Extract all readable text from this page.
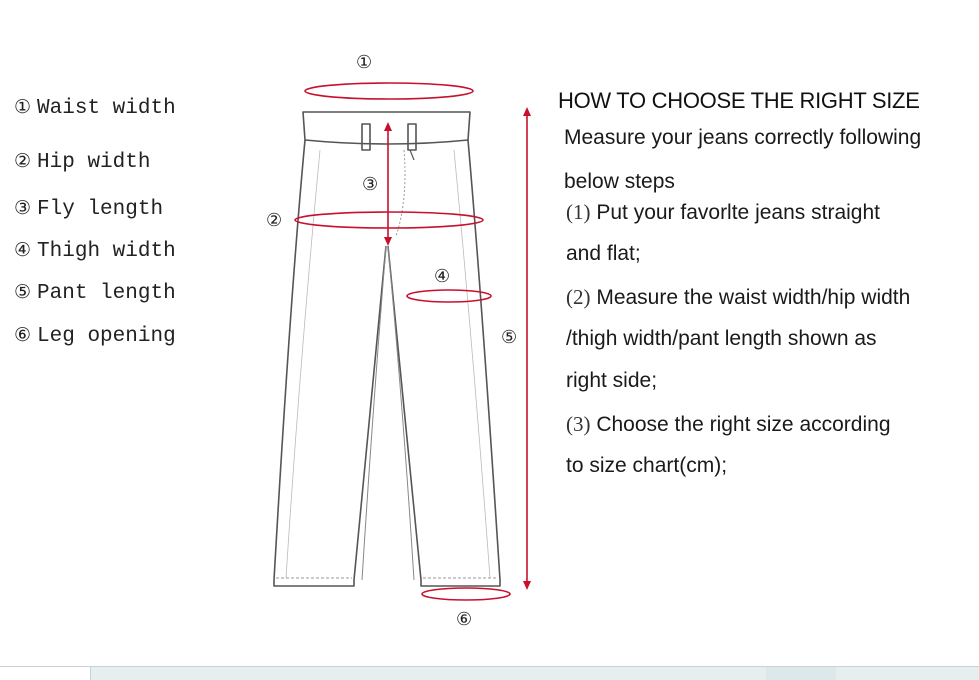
① Waist width
② Hip width
③ Fly length
④ Thigh width
⑤ Pant length
⑥ Leg opening
①
②
③
④
⑤
⑥
HOW TO CHOOSE THE RIGHT SIZE
Measure your jeans correctly following
below steps
(1) Put your favorlte jeans straight
and flat;
(2) Measure the waist width/hip width
/thigh width/pant length shown as
right side;
(3) Choose the right size according
to size chart(cm);
